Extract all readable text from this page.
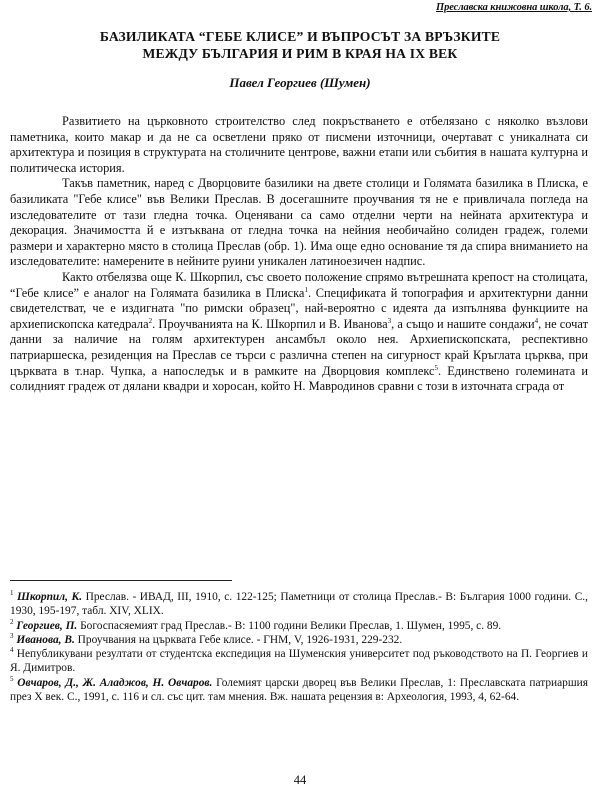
Преславска книжовна школа, Т. 6.
БАЗИЛИКАТА “ГЕБЕ КЛИСЕ” И ВЪПРОСЪТ ЗА ВРЪЗКИТЕ
МЕЖДУ БЪЛГАРИЯ И РИМ В КРАЯ НА IX ВЕК
Павел Георгиев (Шумен)

Развитието на църковното строителство след покръстването е отбелязано с няколко възлови паметника, които макар и да не са осветлени пряко от писмени източници, очертават с уникалната си архитектура и позиция в структурата на столичните центрове, важни етапи или събития в нашата културна и политическа история.

Такъв паметник, наред с Дворцовите базилики на двете столици и Голямата базилика в Плиска, е базиликата "Гебе клисе" във Велики Преслав. В досегашните проучвания тя не е привличала погледа на изследователите от тази гледна точка. Оценявани са само отделни черти на нейната архитектура и декорация. Значимостта й е изтъквана от гледна точка на нейния необичайно солиден градеж, големи размери и характерно място в столица Преслав (обр. 1). Има още едно основание тя да спира вниманието на изследователите: намерените в нейните руини уникален латиноезичен надпис.

Както отбелязва още К. Шкорпил, със своето положение спрямо вътрешната крепост на столицата, “Гебе клисе” е аналог на Голямата базилика в Плиска$^1$. Спецификата й топография и архитектурни данни свидетелстват, че е издигната "по римски образец", най-вероятно с идеята да изпълнява функциите на архиепископска катедрала$^2$. Проучванията на К. Шкорпил и В. Иванова$^3$, а също и нашите сондажи$^4$, не сочат данни за наличие на голям архитектурен ансамбъл около нея. Архиепископската, респективно патриаршеска, резиденция на Преслав се търси с различна степен на сигурност край Кръглата църква, при църквата в т.нар. Чупка, а напоследък и в рамките на Дворцовия комплекс$^5$. Единствено големината и солидният градеж от дялани квадри и хоросан, който Н. Мавродинов сравни с този в източната сграда от

$^1$ Шкорпил, К. Преслав. - ИВАД, III, 1910, с. 122-125; Паметници от столица Преслав.- В: България 1000 години. С., 1930, 195-197, табл. XIV, XLIX.

$^2$ Георгиев, П. Богоспасяемият град Преслав.- В: 1100 години Велики Преслав, 1. Шумен, 1995, с. 89.

$^3$ Иванова, В. Проучвания на църквата Гебе клисе. - ГНМ, V, 1926-1931, 229-232.

$^4$ Непубликувани резултати от студентска експедиция на Шуменския университет под ръководството на П. Георгиев и Я. Димитров.

$^5$ Овчаров, Д., Ж. Аладжов, Н. Овчаров. Големият царски дворец във Велики Преслав, 1: Преславската патриаршия през Х век. С., 1991, с. 116 и сл. със цит. там мнения. Вж. нашата рецензия в: Археология, 1993, 4, 62-64.

44
